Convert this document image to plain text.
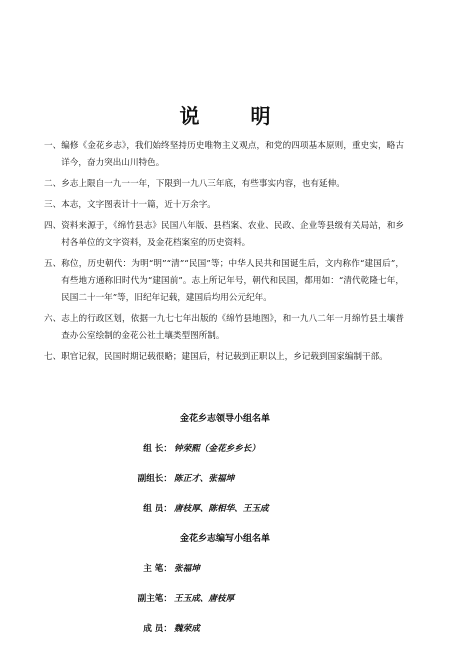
说 明
一、 编修《金花乡志》，我们始终坚持历史唯物主义观点，和党的四项基本原则，重史实，略古详今，奋力突出山川特色。
二、 乡志上限自一九一一年，下限到一九八三年底，有些事实内容，也有延伸。
三、 本志，文字图表计十一篇，近十万余字。
四、 资料来源于，《绵竹县志》民国八年版、县档案、农业、民政、企业等县级有关局站，和乡村各单位的文字资料，及金花档案室的历史资料。
五、 称位，历史朝代：为明“明”“清”“民国”等；中华人民共和国诞生后，文内称作“建国后”，有些地方通称旧时代为“建国前”。志上所记年号，朝代和民国，都用如：“清代乾隆七年，民国二十一年”等，旧纪年记载，建国后均用公元纪年。
六、 志上的行政区划，依据一九七七年出版的《绵竹县地图》，和一九八二年一月绵竹县土壤普查办公室绘制的金花公社土壤类型图所制。
七、 职官记叙，民国时期记载很略；建国后，村记载到正职以上，乡记载到国家编制干部。
金花乡志领导小组名单
组 长： 钟荣熙（金花乡乡长）
副组长： 陈正才、张福坤
组 员： 唐枝厚、陈相华、王玉成
金花乡志编写小组名单
主 笔： 张福坤
副主笔： 王玉成、唐枝厚
成 员： 魏荣成
